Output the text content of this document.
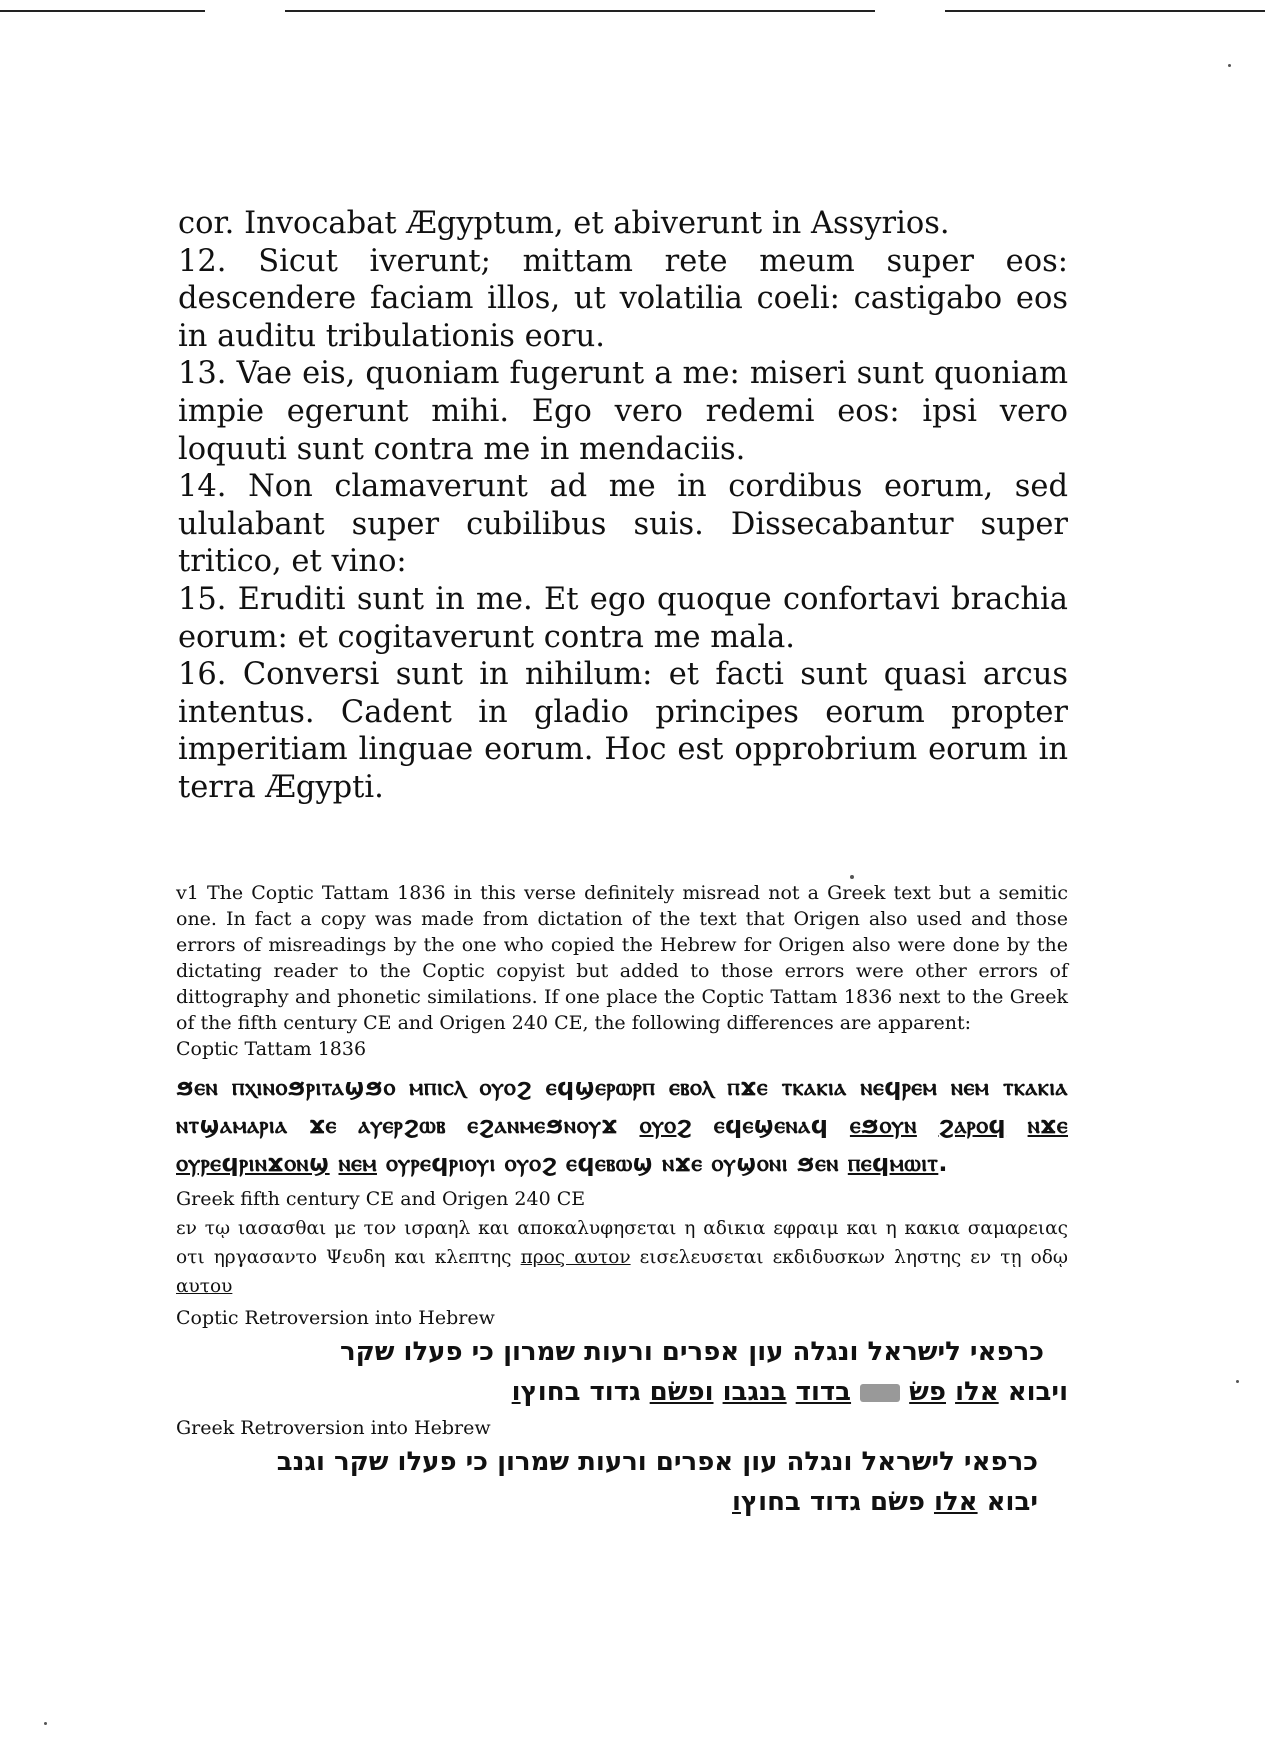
cor. Invocabat Ægyptum, et abiverunt in Assyrios.

12. Sicut iverunt; mittam rete meum super eos: descendere faciam illos, ut volatilia coeli: castigabo eos in auditu tribulationis eoru.

13. Vae eis, quoniam fugerunt a me: miseri sunt quoniam impie egerunt mihi. Ego vero redemi eos: ipsi vero loquuti sunt contra me in mendaciis.

14. Non clamaverunt ad me in cordibus eorum, sed ululabant super cubilibus suis. Dissecabantur super tritico, et vino:

15. Eruditi sunt in me. Et ego quoque confortavi brachia eorum: et cogitaverunt contra me mala.

16. Conversi sunt in nihilum: et facti sunt quasi arcus intentus. Cadent in gladio principes eorum propter imperitiam linguae eorum. Hoc est opprobrium eorum in terra Ægypti.

v1 The Coptic Tattam 1836 in this verse definitely misread not a Greek text but a semitic one. In fact a copy was made from dictation of the text that Origen also used and those errors of misreadings by the one who copied the Hebrew for Origen also were done by the dictating reader to the Coptic copyist but added to those errors were other errors of dittography and phonetic similations. If one place the Coptic Tattam 1836 next to the Greek of the fifth century CE and Origen 240 CE, the following differences are apparent:

Coptic Tattam 1836

ϧⲉⲛ ⲡⲭⲓⲛⲟϧⲣⲓⲧⲁϣϧⲟ ⲙⲡⲓⲥⲗ ⲟⲩⲟϩ ⲉϥϣⲉⲣⲱⲣⲡ ⲉⲃⲟⲗ ⲡϫⲉ ⲧⲕⲁⲕⲓⲁ ⲛⲉϥⲣⲉⲙ ⲛⲉⲙ ⲧⲕⲁⲕⲓⲁ ⲛⲧϣⲁⲙⲁⲣⲓⲁ ϫⲉ ⲁⲩⲉⲣϩⲱⲃ ⲉϩⲁⲛⲙⲉϧⲛⲟⲩϫ ⲟⲩⲟϩ ⲉϥⲉϣⲉⲛⲁϥ ⲉϧⲟⲩⲛ ϩⲁⲣⲟϥ ⲛϫⲉ ⲟⲩⲣⲉϥⲣⲓⲛϫⲟⲛϣ ⲛⲉⲙ ⲟⲩⲣⲉϥⲣⲓⲟⲩⲓ ⲟⲩⲟϩ ⲉϥⲉⲃⲱϣ ⲛϫⲉ ⲟⲩϣⲟⲛⲓ ϧⲉⲛ ⲡⲉϥⲙⲱⲓⲧ.

Greek fifth century CE and Origen 240 CE

εν τῳ ιασασθαι με τον ισραηλ και αποκαλυφησεται η αδικια εφραιμ και η κακια σαμαρειας οτι ηργασαντο Ψευδη και κλεπτης προς αυτον εισελευσεται εκδιδυσκων ληστης εν τῃ οδῳ αυτου

Coptic Retroversion into Hebrew

כרפאי לישראל ונגלה עון אפרים ורעות שמרון כי פעלו שקר

ויבוא אלו פשׂ  בדוד בנגבו ופשׂם גדוד בחוץו

Greek Retroversion into Hebrew

כרפאי לישראל ונגלה עון אפרים ורעות שמרון כי פעלו שקר וגנב

יבוא אלו פשׂם גדוד בחוץו
